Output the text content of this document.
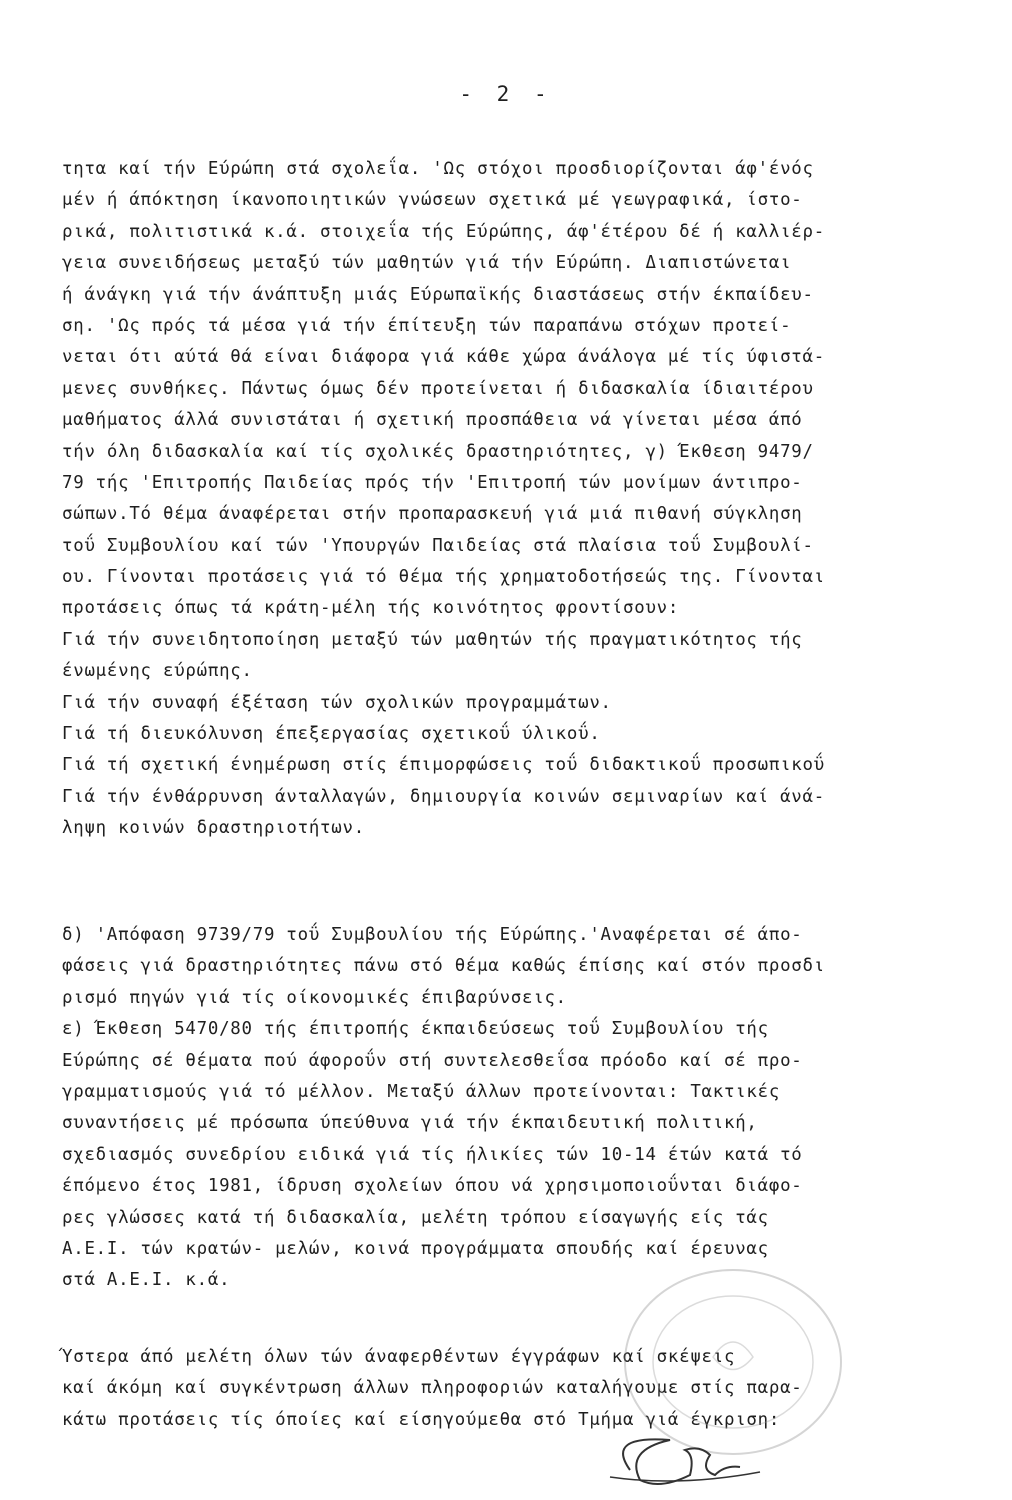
- 2 -
τητα καί τήν Εύρώπη στά σχολεΐα. 'Ως στόχοι προσδιορίζονται άφ'ένός
μέν ή άπόκτηση ίκανοποιητικών γνώσεων σχετικά μέ γεωγραφικά, ίστο-
ρικά, πολιτιστικά κ.ά. στοιχεΐα τής Εύρώπης, άφ'έτέρου δέ ή καλλιέρ-
γεια συνειδήσεως μεταξύ τών μαθητών γιά τήν Εύρώπη. Διαπιστώνεται
ή άνάγκη γιά τήν άνάπτυξη μιάς Εύρωπαϊκής διαστάσεως στήν έκπαίδευ-
ση. 'Ως πρός τά μέσα γιά τήν έπίτευξη τών παραπάνω στόχων προτεί-
νεται ότι αύτά θά είναι διάφορα γιά κάθε χώρα άνάλογα μέ τίς ύφιστά-
μενες συνθήκες. Πάντως όμως δέν προτείνεται ή διδασκαλία ίδιαιτέρου
μαθήματος άλλά συνιστάται ή σχετική προσπάθεια νά γίνεται μέσα άπό
τήν όλη διδασκαλία καί τίς σχολικές δραστηριότητες, γ) Έκθεση 9479/
79 τής 'Επιτροπής Παιδείας πρός τήν 'Επιτροπή τών μονίμων άντιπρο-
σώπων.Τό θέμα άναφέρεται στήν προπαρασκευή γιά μιά πιθανή σύγκληση
τοΰ Συμβουλίου καί τών 'Υπουργών Παιδείας στά πλαίσια τοΰ Συμβουλί-
ου. Γίνονται προτάσεις γιά τό θέμα τής χρηματοδοτήσεώς της. Γίνονται
προτάσεις όπως τά κράτη-μέλη τής κοινότητος φροντίσουν:
Γιά τήν συνειδητοποίηση μεταξύ τών μαθητών τής πραγματικότητος τής
ένωμένης εύρώπης.
Γιά τήν συναφή έξέταση τών σχολικών προγραμμάτων.
Γιά τή διευκόλυνση έπεξεργασίας σχετικοΰ ύλικοΰ.
Γιά τή σχετική ένημέρωση στίς έπιμορφώσεις τοΰ διδακτικοΰ προσωπικοΰ
Γιά τήν ένθάρρυνση άνταλλαγών, δημιουργία κοινών σεμιναρίων καί άνά-
ληψη κοινών δραστηριοτήτων.
δ) 'Απόφαση 9739/79 τοΰ Συμβουλίου τής Εύρώπης.'Αναφέρεται σέ άπο-
φάσεις γιά δραστηριότητες πάνω στό θέμα καθώς έπίσης καί στόν προσδι
ρισμό πηγών γιά τίς οίκονομικές έπιβαρύνσεις.
ε) Έκθεση 5470/80 τής έπιτροπής έκπαιδεύσεως τοΰ Συμβουλίου τής
Εύρώπης σέ θέματα πού άφοροΰν στή συντελεσθεΐσα πρόοδο καί σέ προ-
γραμματισμούς γιά τό μέλλον. Μεταξύ άλλων προτείνονται: Τακτικές
συναντήσεις μέ πρόσωπα ύπεύθυνα γιά τήν έκπαιδευτική πολιτική,
σχεδιασμός συνεδρίου ειδικά γιά τίς ήλικίες τών 10-14 έτών κατά τό
έπόμενο έτος 1981, ίδρυση σχολείων όπου νά χρησιμοποιοΰνται διάφο-
ρες γλώσσες κατά τή διδασκαλία, μελέτη τρόπου είσαγωγής είς τάς
Α.Ε.Ι. τών κρατών- μελών, κοινά προγράμματα σπουδής καί έρευνας
στά Α.Ε.Ι. κ.ά.
Ύστερα άπό μελέτη όλων τών άναφερθέντων έγγράφων καί σκέψεις
καί άκόμη καί συγκέντρωση άλλων πληροφοριών καταλήγουμε στίς παρα-
κάτω προτάσεις τίς όποίες καί είσηγούμεθα στό Τμήμα γιά έγκριση:
